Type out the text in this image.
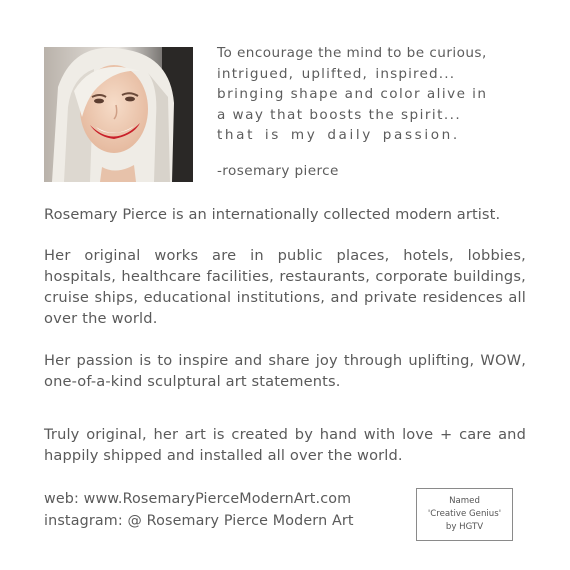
To encourage the mind to be curious,
intrigued, uplifted, inspired...
bringing shape and color alive in
a way that boosts the spirit...
that is my daily passion.
-rosemary pierce

Rosemary Pierce is an internationally collected modern artist.

Her original works are in public places, hotels, lobbies, hospitals, healthcare facilities, restaurants, corporate buildings, cruise ships, educational institutions, and private residences all over the world.

Her passion is to inspire and share joy through uplifting, WOW, one-of-a-kind sculptural art statements.

Truly original, her art is created by hand with love + care and happily shipped and installed all over the world.

web: www.RosemaryPierceModernArt.com
instagram: @ Rosemary Pierce Modern Art
Named
'Creative Genius'
by HGTV
